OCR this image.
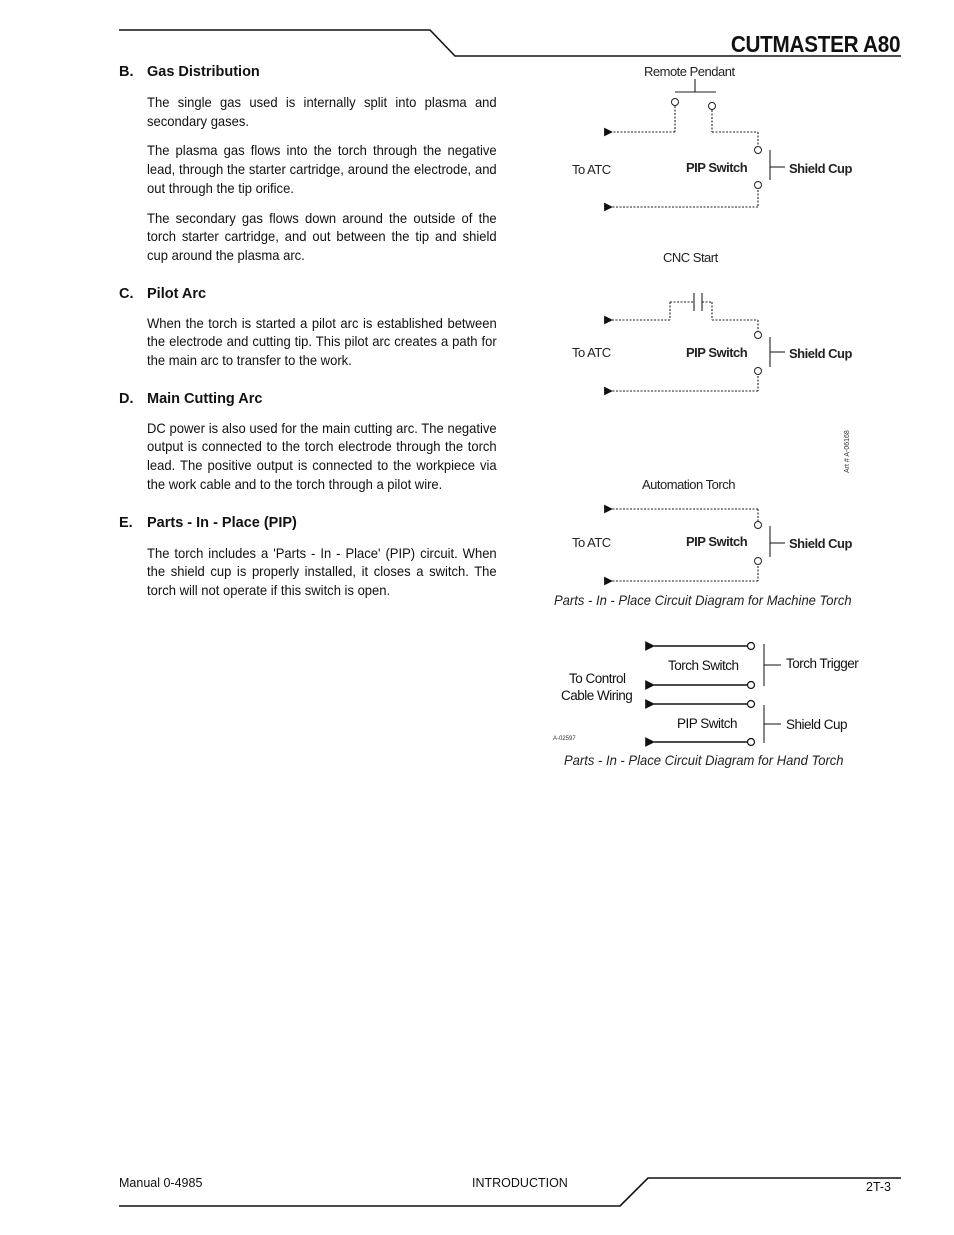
CUTMASTER A80
B. Gas Distribution

The single gas used is internally split into plasma and secondary gases.

The plasma gas flows into the torch through the negative lead, through the starter cartridge, around the electrode, and out through the tip orifice.

The secondary gas flows down around the outside of the torch starter cartridge, and out between the tip and shield cup around the plasma arc.

C. Pilot Arc

When the torch is started a pilot arc is established between the electrode and cutting tip. This pilot arc creates a path for the main arc to transfer to the work.

D. Main Cutting Arc

DC power is also used for the main cutting arc. The negative output is connected to the torch electrode through the torch lead. The positive output is connected to the workpiece via the work cable and to the torch through a pilot wire.

E. Parts - In - Place (PIP)

The torch includes a 'Parts - In - Place' (PIP) circuit. When the shield cup is properly installed, it closes a switch. The torch will not operate if this switch is open.

Remote Pendant
To ATC	PIP Switch	Shield Cup
CNC Start
To ATC	PIP Switch	Shield Cup
Automation Torch
To ATC	PIP Switch	Shield Cup
Art # A-06168
Parts - In - Place Circuit Diagram for Machine Torch
Torch Switch	Torch Trigger
To Control
Cable Wiring
PIP Switch	Shield Cup
A-02597
Parts - In - Place Circuit Diagram for Hand Torch
Manual 0-4985	INTRODUCTION	2T-3
